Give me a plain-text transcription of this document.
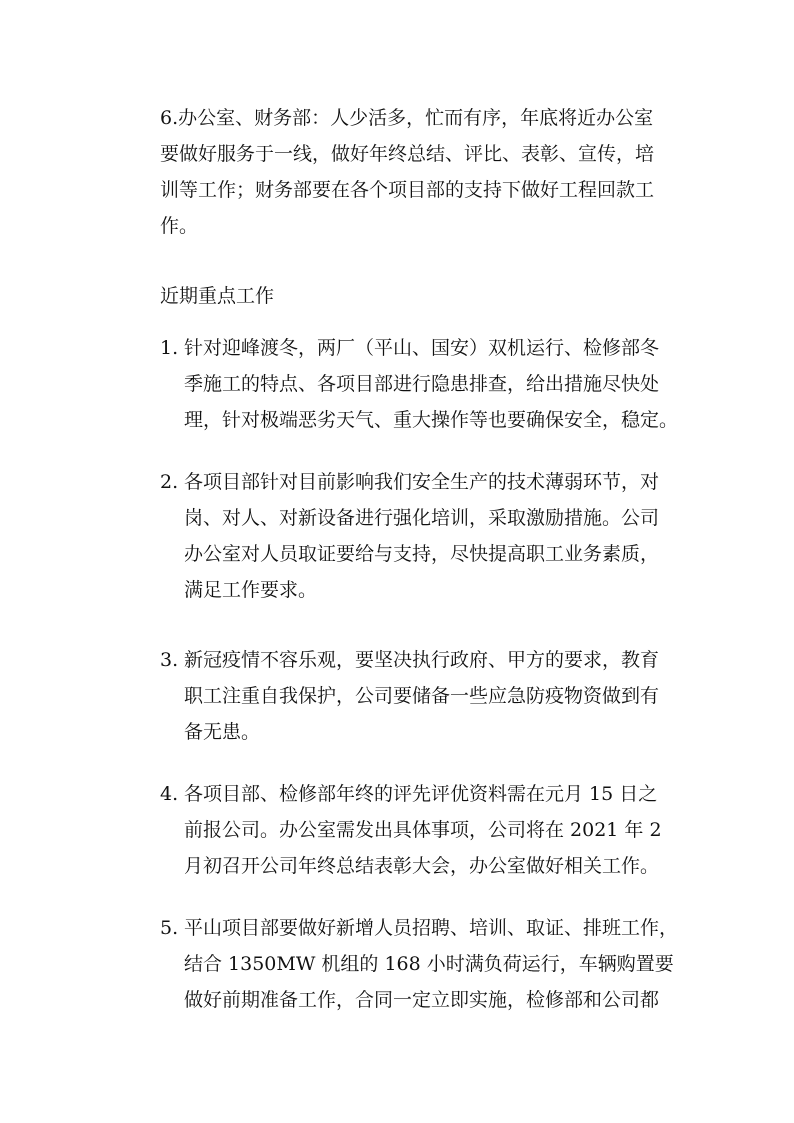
6.办公室、财务部：人少活多，忙而有序，年底将近办公室
要做好服务于一线，做好年终总结、评比、表彰、宣传，培
训等工作；财务部要在各个项目部的支持下做好工程回款工
作。
近期重点工作
1. 针对迎峰渡冬，两厂（平山、国安）双机运行、检修部冬
季施工的特点、各项目部进行隐患排查，给出措施尽快处
理，针对极端恶劣天气、重大操作等也要确保安全，稳定。
2. 各项目部针对目前影响我们安全生产的技术薄弱环节，对
岗、对人、对新设备进行强化培训，采取激励措施。公司
办公室对人员取证要给与支持，尽快提高职工业务素质，
满足工作要求。
3. 新冠疫情不容乐观，要坚决执行政府、甲方的要求，教育
职工注重自我保护，公司要储备一些应急防疫物资做到有
备无患。
4. 各项目部、检修部年终的评先评优资料需在元月 15 日之
前报公司。办公室需发出具体事项，公司将在 2021 年 2
月初召开公司年终总结表彰大会，办公室做好相关工作。
5. 平山项目部要做好新增人员招聘、培训、取证、排班工作，
结合 1350MW 机组的 168 小时满负荷运行，车辆购置要
做好前期准备工作，合同一定立即实施，检修部和公司都
